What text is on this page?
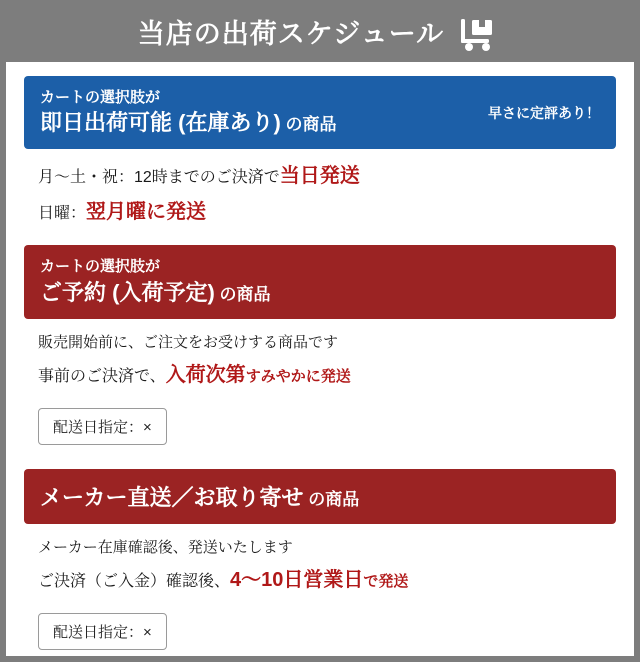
当店の出荷スケジュール
カートの選択肢が
即日出荷可能 (在庫あり) の商品
早さに定評あり！
月〜土・祝：12時までのご決済で当日発送
日曜：翌月曜に発送
カートの選択肢が
ご予約 (入荷予定) の商品
販売開始前に、ご注文をお受けする商品です
事前のご決済で、入荷次第すみやかに発送
配送日指定：×
メーカー直送／お取り寄せ の商品
メーカー在庫確認後、発送いたします
ご決済（ご入金）確認後、4〜10日営業日で発送
配送日指定：×
